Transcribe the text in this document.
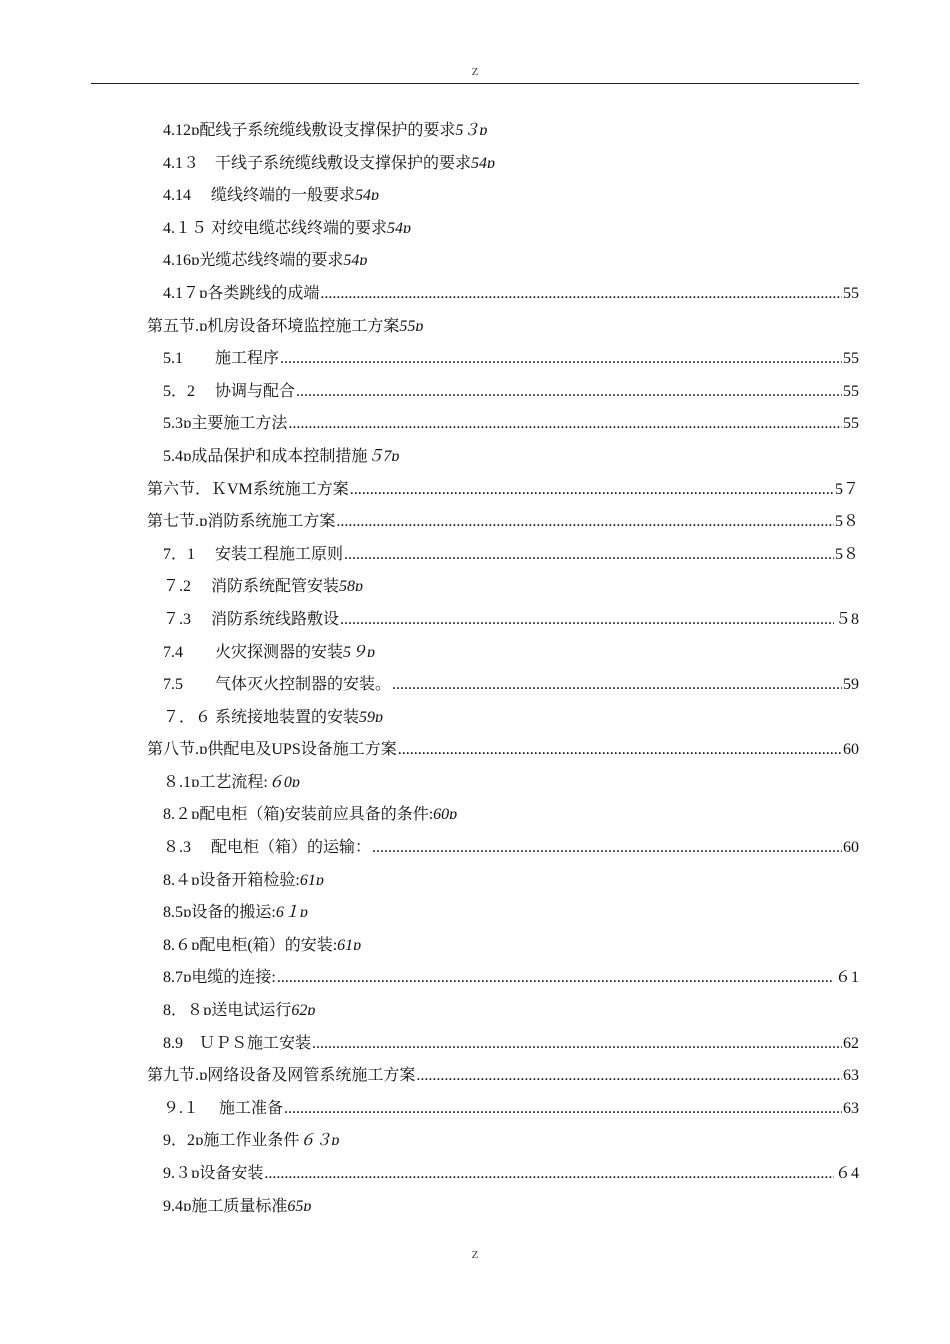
Z
4.12ɒ配线子系统缆线敷设支撑保护的要求5３ɒ
4.1３　干线子系统缆线敷设支撑保护的要求54ɒ
4.14　 缆线终端的一般要求54ɒ
4.１５ 对绞电缆芯线终端的要求54ɒ
4.16ɒ光缆芯线终端的要求54ɒ
4.1７ɒ各类跳线的成端 .....	55
第五节.ɒ机房设备环境监控施工方案55ɒ
5.1　　施工程序 .....	55
5．2　 协调与配合 .....	55
5.3ɒ主要施工方法 .....	55
5.4ɒ成品保护和成本控制措施５7ɒ
第六节．ＫVM系统施工方案 .....	5７
第七节.ɒ消防系统施工方案 .....	5８
7．1　 安装工程施工原则 .....	5８
７.2　 消防系统配管安装58ɒ
７.3　 消防系统线路敷设 .....	５8
7.4　　火灾探测器的安装5９ɒ
7.5　　气体灭火控制器的安装。 .....	59
７．６ 系统接地装置的安装59ɒ
第八节.ɒ供配电及UPS设备施工方案 .....	60
８.1ɒ工艺流程:６0ɒ
8.２ɒ配电柜（箱)安装前应具备的条件:60ɒ
８.3　 配电柜（箱）的运输： .....	60
8.４ɒ设备开箱检验:61ɒ
8.5ɒ设备的搬运:6１ɒ
8.６ɒ配电柜(箱）的安装:61ɒ
8.7ɒ电缆的连接: .....	６1
8．８ɒ送电试运行62ɒ
8.9　ＵＰＳ施工安装 .....	62
第九节.ɒ网络设备及网管系统施工方案 .....	63
９.１　 施工准备 .....	63
9．2ɒ施工作业条件６３ɒ
9.３ɒ设备安装 .....	６4
9.4ɒ施工质量标准65ɒ
Z
